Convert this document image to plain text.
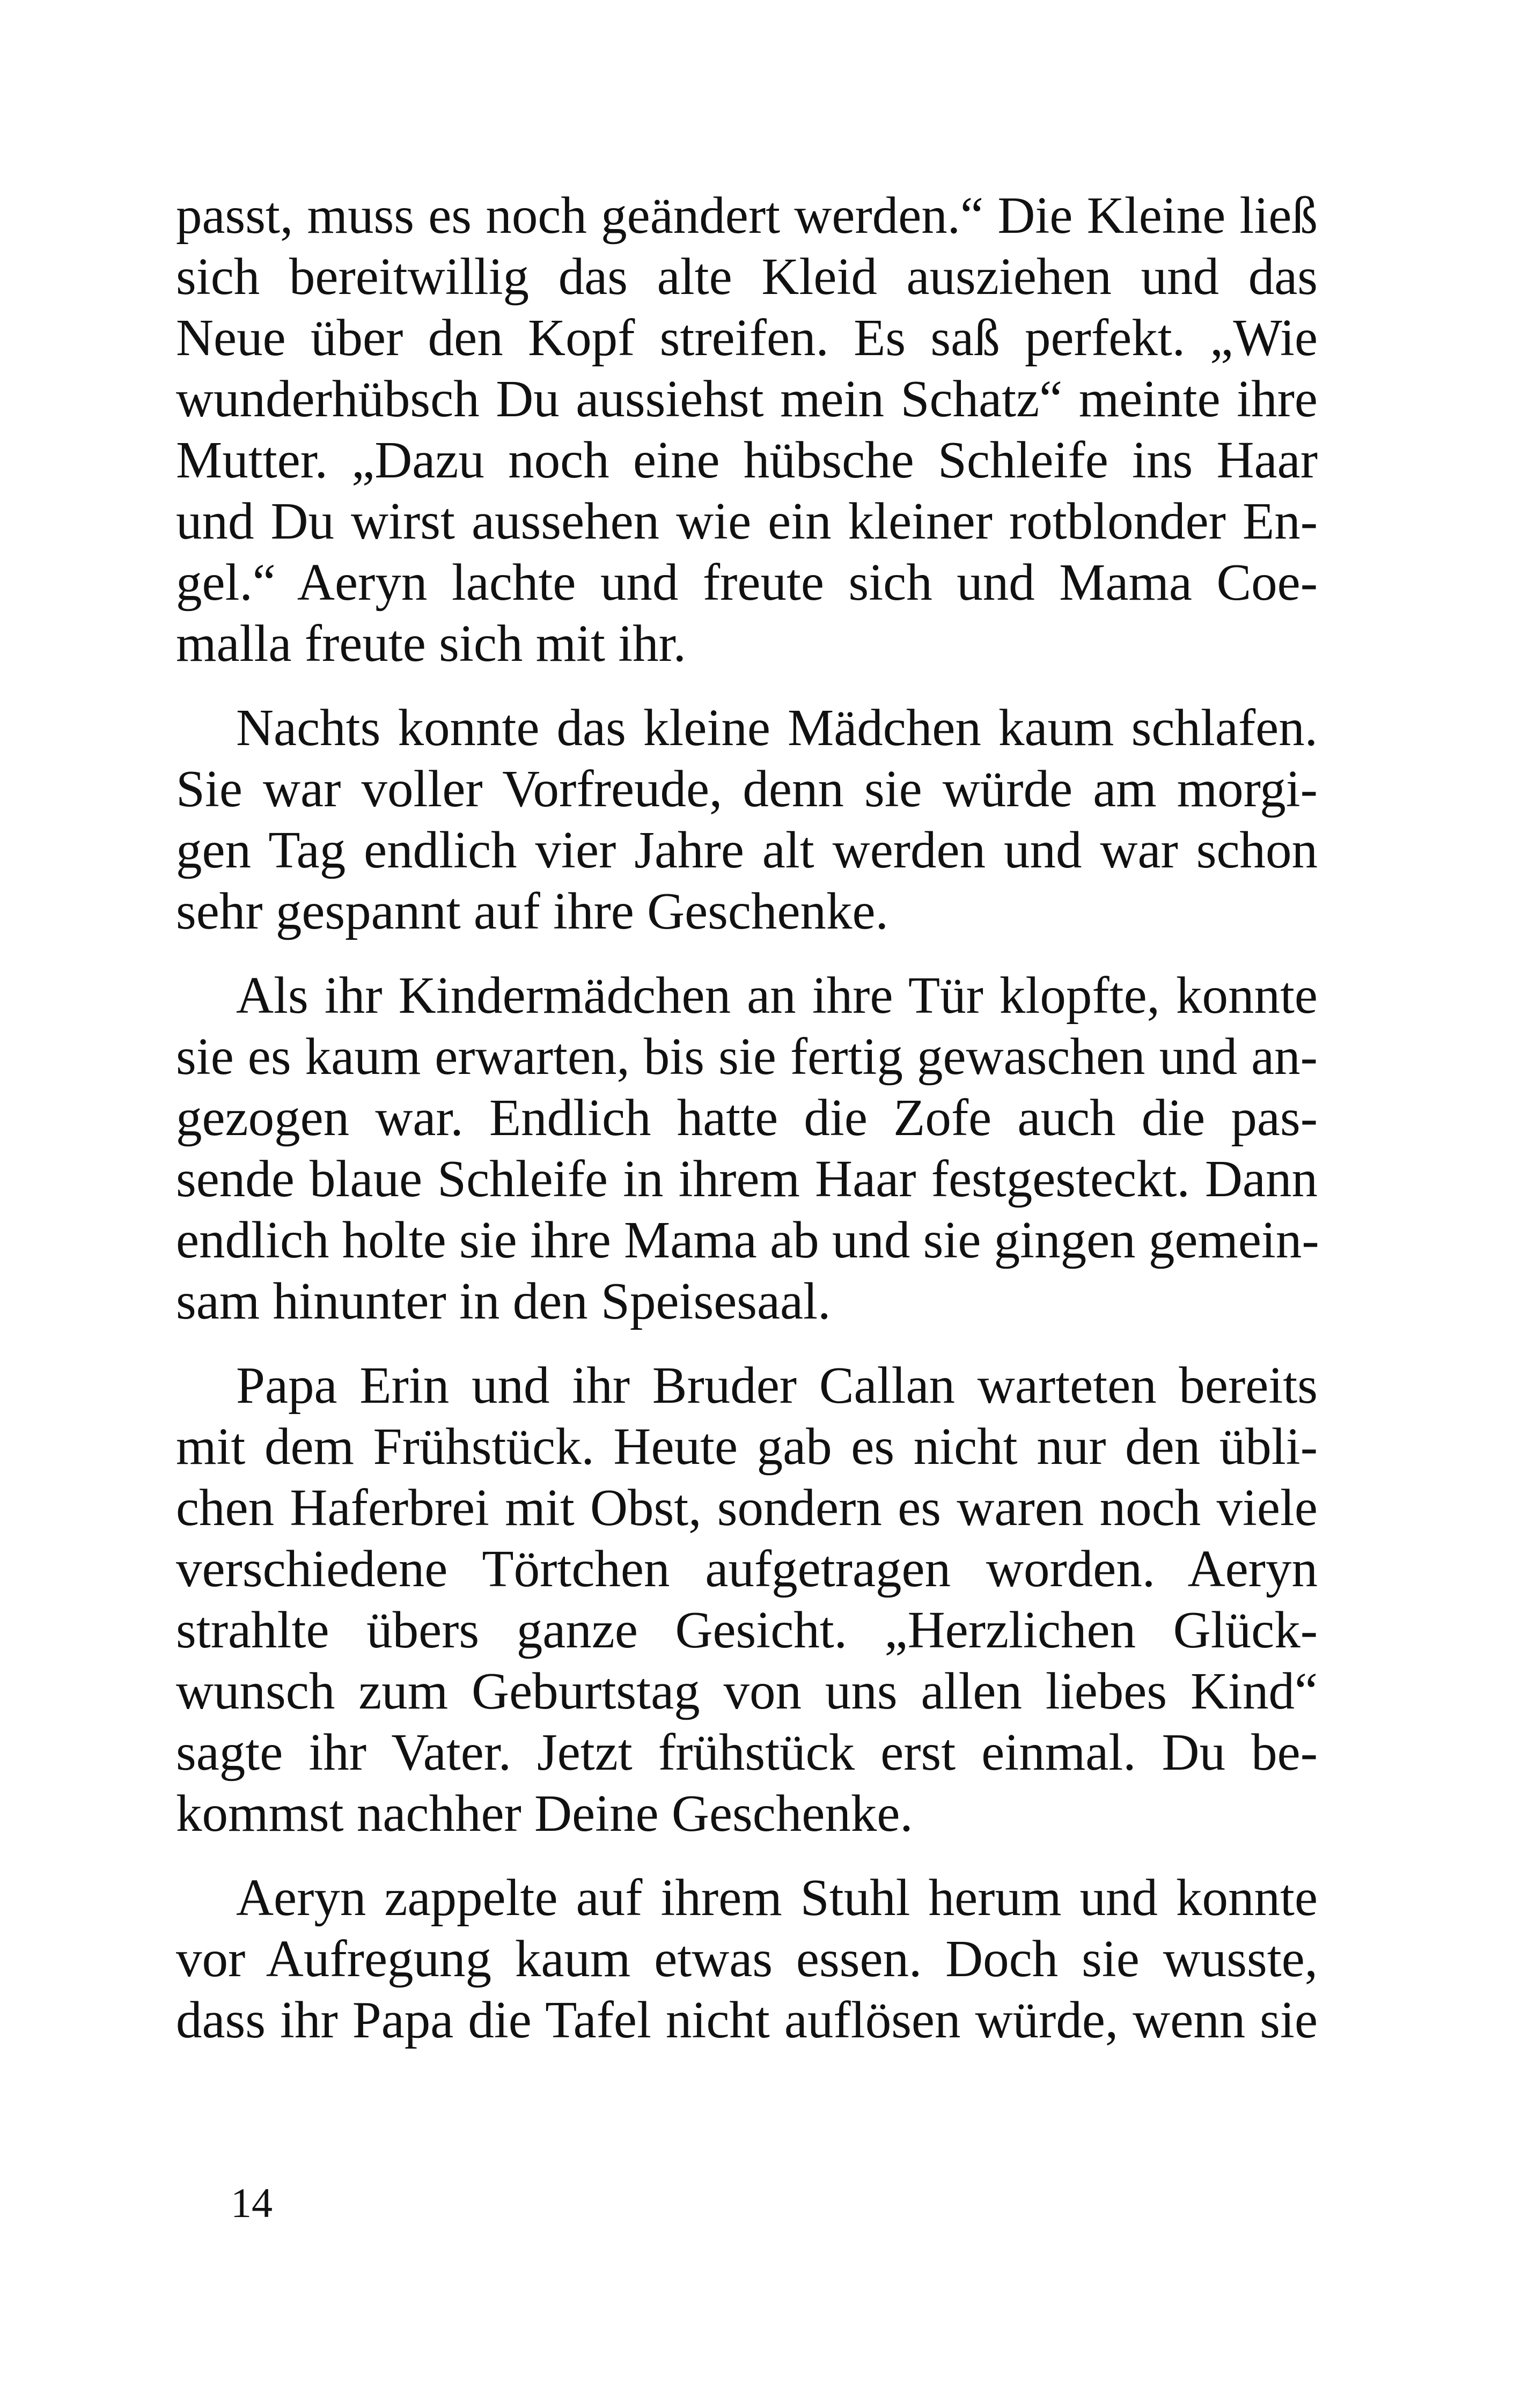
passt, muss es noch geändert werden.“ Die Kleine ließ
sich bereitwillig das alte Kleid ausziehen und das
Neue über den Kopf streifen. Es saß perfekt. „Wie
wunderhübsch Du aussiehst mein Schatz“ meinte ihre
Mutter. „Dazu noch eine hübsche Schleife ins Haar
und Du wirst aussehen wie ein kleiner rotblonder En-
gel.“ Aeryn lachte und freute sich und Mama Coe-
malla freute sich mit ihr.

Nachts konnte das kleine Mädchen kaum schlafen.
Sie war voller Vorfreude, denn sie würde am morgi-
gen Tag endlich vier Jahre alt werden und war schon
sehr gespannt auf ihre Geschenke.

Als ihr Kindermädchen an ihre Tür klopfte, konnte
sie es kaum erwarten, bis sie fertig gewaschen und an-
gezogen war. Endlich hatte die Zofe auch die pas-
sende blaue Schleife in ihrem Haar festgesteckt. Dann
endlich holte sie ihre Mama ab und sie gingen gemein-
sam hinunter in den Speisesaal.

Papa Erin und ihr Bruder Callan warteten bereits
mit dem Frühstück. Heute gab es nicht nur den übli-
chen Haferbrei mit Obst, sondern es waren noch viele
verschiedene Törtchen aufgetragen worden. Aeryn
strahlte übers ganze Gesicht. „Herzlichen Glück-
wunsch zum Geburtstag von uns allen liebes Kind“
sagte ihr Vater. Jetzt frühstück erst einmal. Du be-
kommst nachher Deine Geschenke.

Aeryn zappelte auf ihrem Stuhl herum und konnte
vor Aufregung kaum etwas essen. Doch sie wusste,
dass ihr Papa die Tafel nicht auflösen würde, wenn sie

14
